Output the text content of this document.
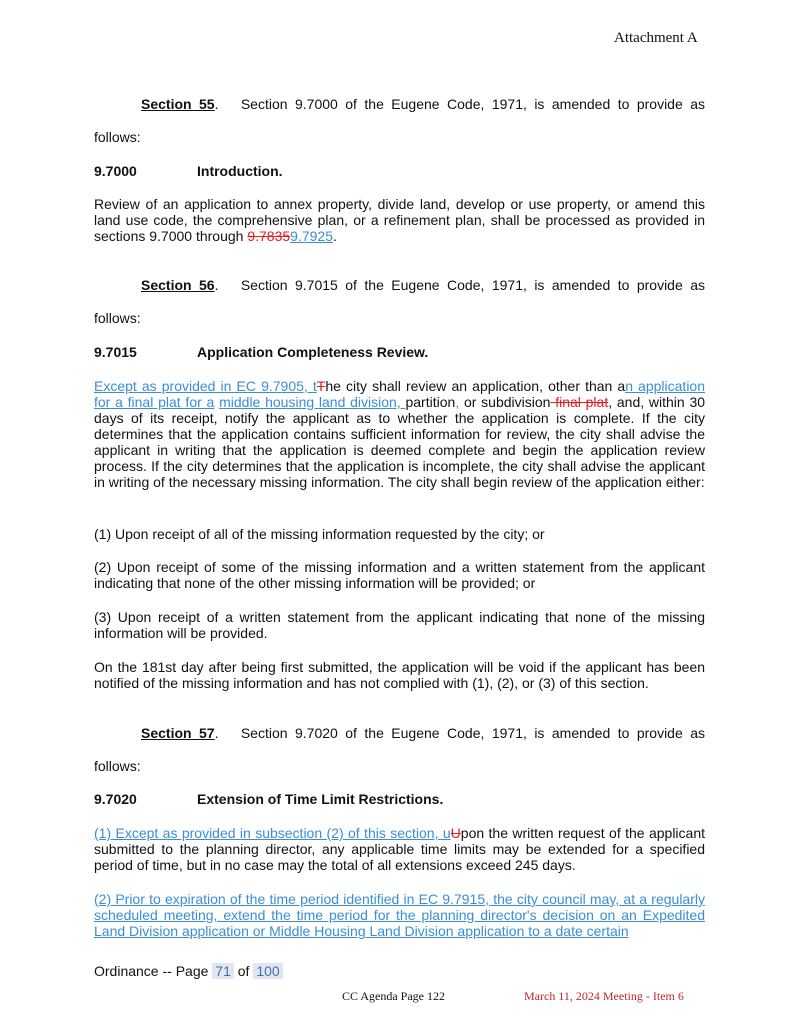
Attachment A
Section 55. Section 9.7000 of the Eugene Code, 1971, is amended to provide as
follows:
9.7000	Introduction.
Review of an application to annex property, divide land, develop or use property, or amend this land use code, the comprehensive plan, or a refinement plan, shall be processed as provided in sections 9.7000 through 9.78359.7925.
Section 56. Section 9.7015 of the Eugene Code, 1971, is amended to provide as
follows:
9.7015	Application Completeness Review.
Except as provided in EC 9.7905, tThe city shall review an application, other than an application for a final plat for a middle housing land division, partition, or subdivision final plat, and, within 30 days of its receipt, notify the applicant as to whether the application is complete. If the city determines that the application contains sufficient information for review, the city shall advise the applicant in writing that the application is deemed complete and begin the application review process. If the city determines that the application is incomplete, the city shall advise the applicant in writing of the necessary missing information. The city shall begin review of the application either:
(1) Upon receipt of all of the missing information requested by the city; or
(2) Upon receipt of some of the missing information and a written statement from the applicant indicating that none of the other missing information will be provided; or
(3) Upon receipt of a written statement from the applicant indicating that none of the missing information will be provided.
On the 181st day after being first submitted, the application will be void if the applicant has been notified of the missing information and has not complied with (1), (2), or (3) of this section.
Section 57. Section 9.7020 of the Eugene Code, 1971, is amended to provide as
follows:
9.7020	Extension of Time Limit Restrictions.
(1) Except as provided in subsection (2) of this section, uUpon the written request of the applicant submitted to the planning director, any applicable time limits may be extended for a specified period of time, but in no case may the total of all extensions exceed 245 days.
(2) Prior to expiration of the time period identified in EC 9.7915, the city council may, at a regularly scheduled meeting, extend the time period for the planning director's decision on an Expedited Land Division application or Middle Housing Land Division application to a date certain
Ordinance -- Page 71 of 100
CC Agenda Page 122	March 11, 2024 Meeting - Item 6
